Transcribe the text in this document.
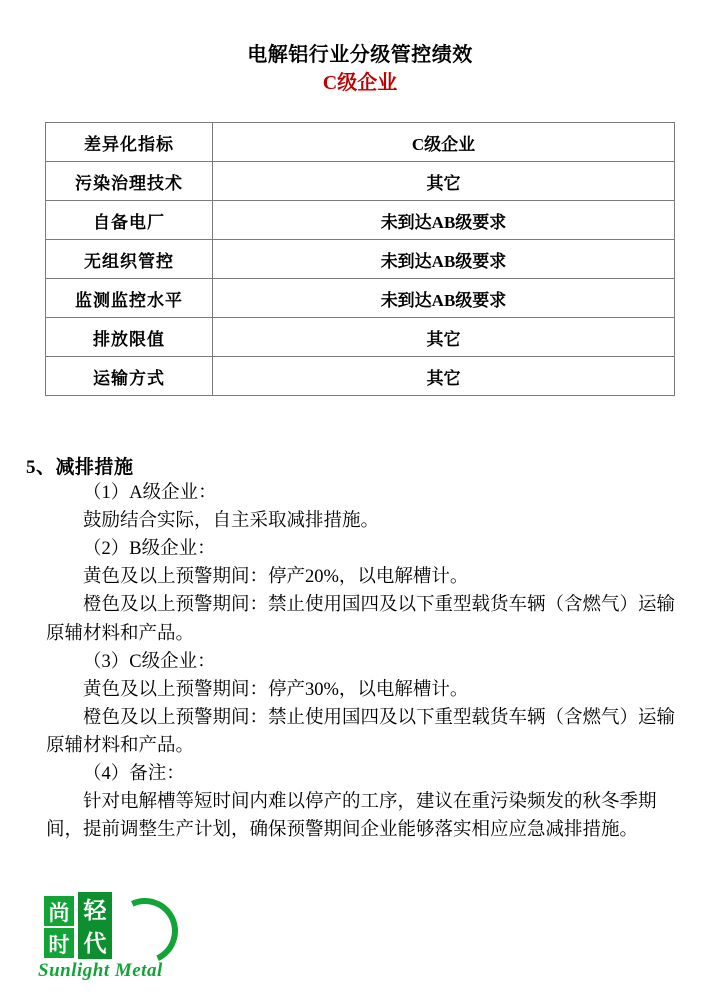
电解铝行业分级管控绩效
C级企业
差异化指标	C级企业
污染治理技术	其它
自备电厂	未到达AB级要求
无组织管控	未到达AB级要求
监测监控水平	未到达AB级要求
排放限值	其它
运输方式	其它
5、减排措施

（1）A级企业：

鼓励结合实际，自主采取减排措施。

（2）B级企业：

黄色及以上预警期间：停产20%，以电解槽计。

橙色及以上预警期间：禁止使用国四及以下重型载货车辆（含燃气）运输原辅材料和产品。

（3）C级企业：

黄色及以上预警期间：停产30%，以电解槽计。

橙色及以上预警期间：禁止使用国四及以下重型载货车辆（含燃气）运输原辅材料和产品。

（4）备注：

针对电解槽等短时间内难以停产的工序，建议在重污染频发的秋冬季期间，提前调整生产计划，确保预警期间企业能够落实相应应急减排措施。

尚 轻
时 代
Sunlight Metal
